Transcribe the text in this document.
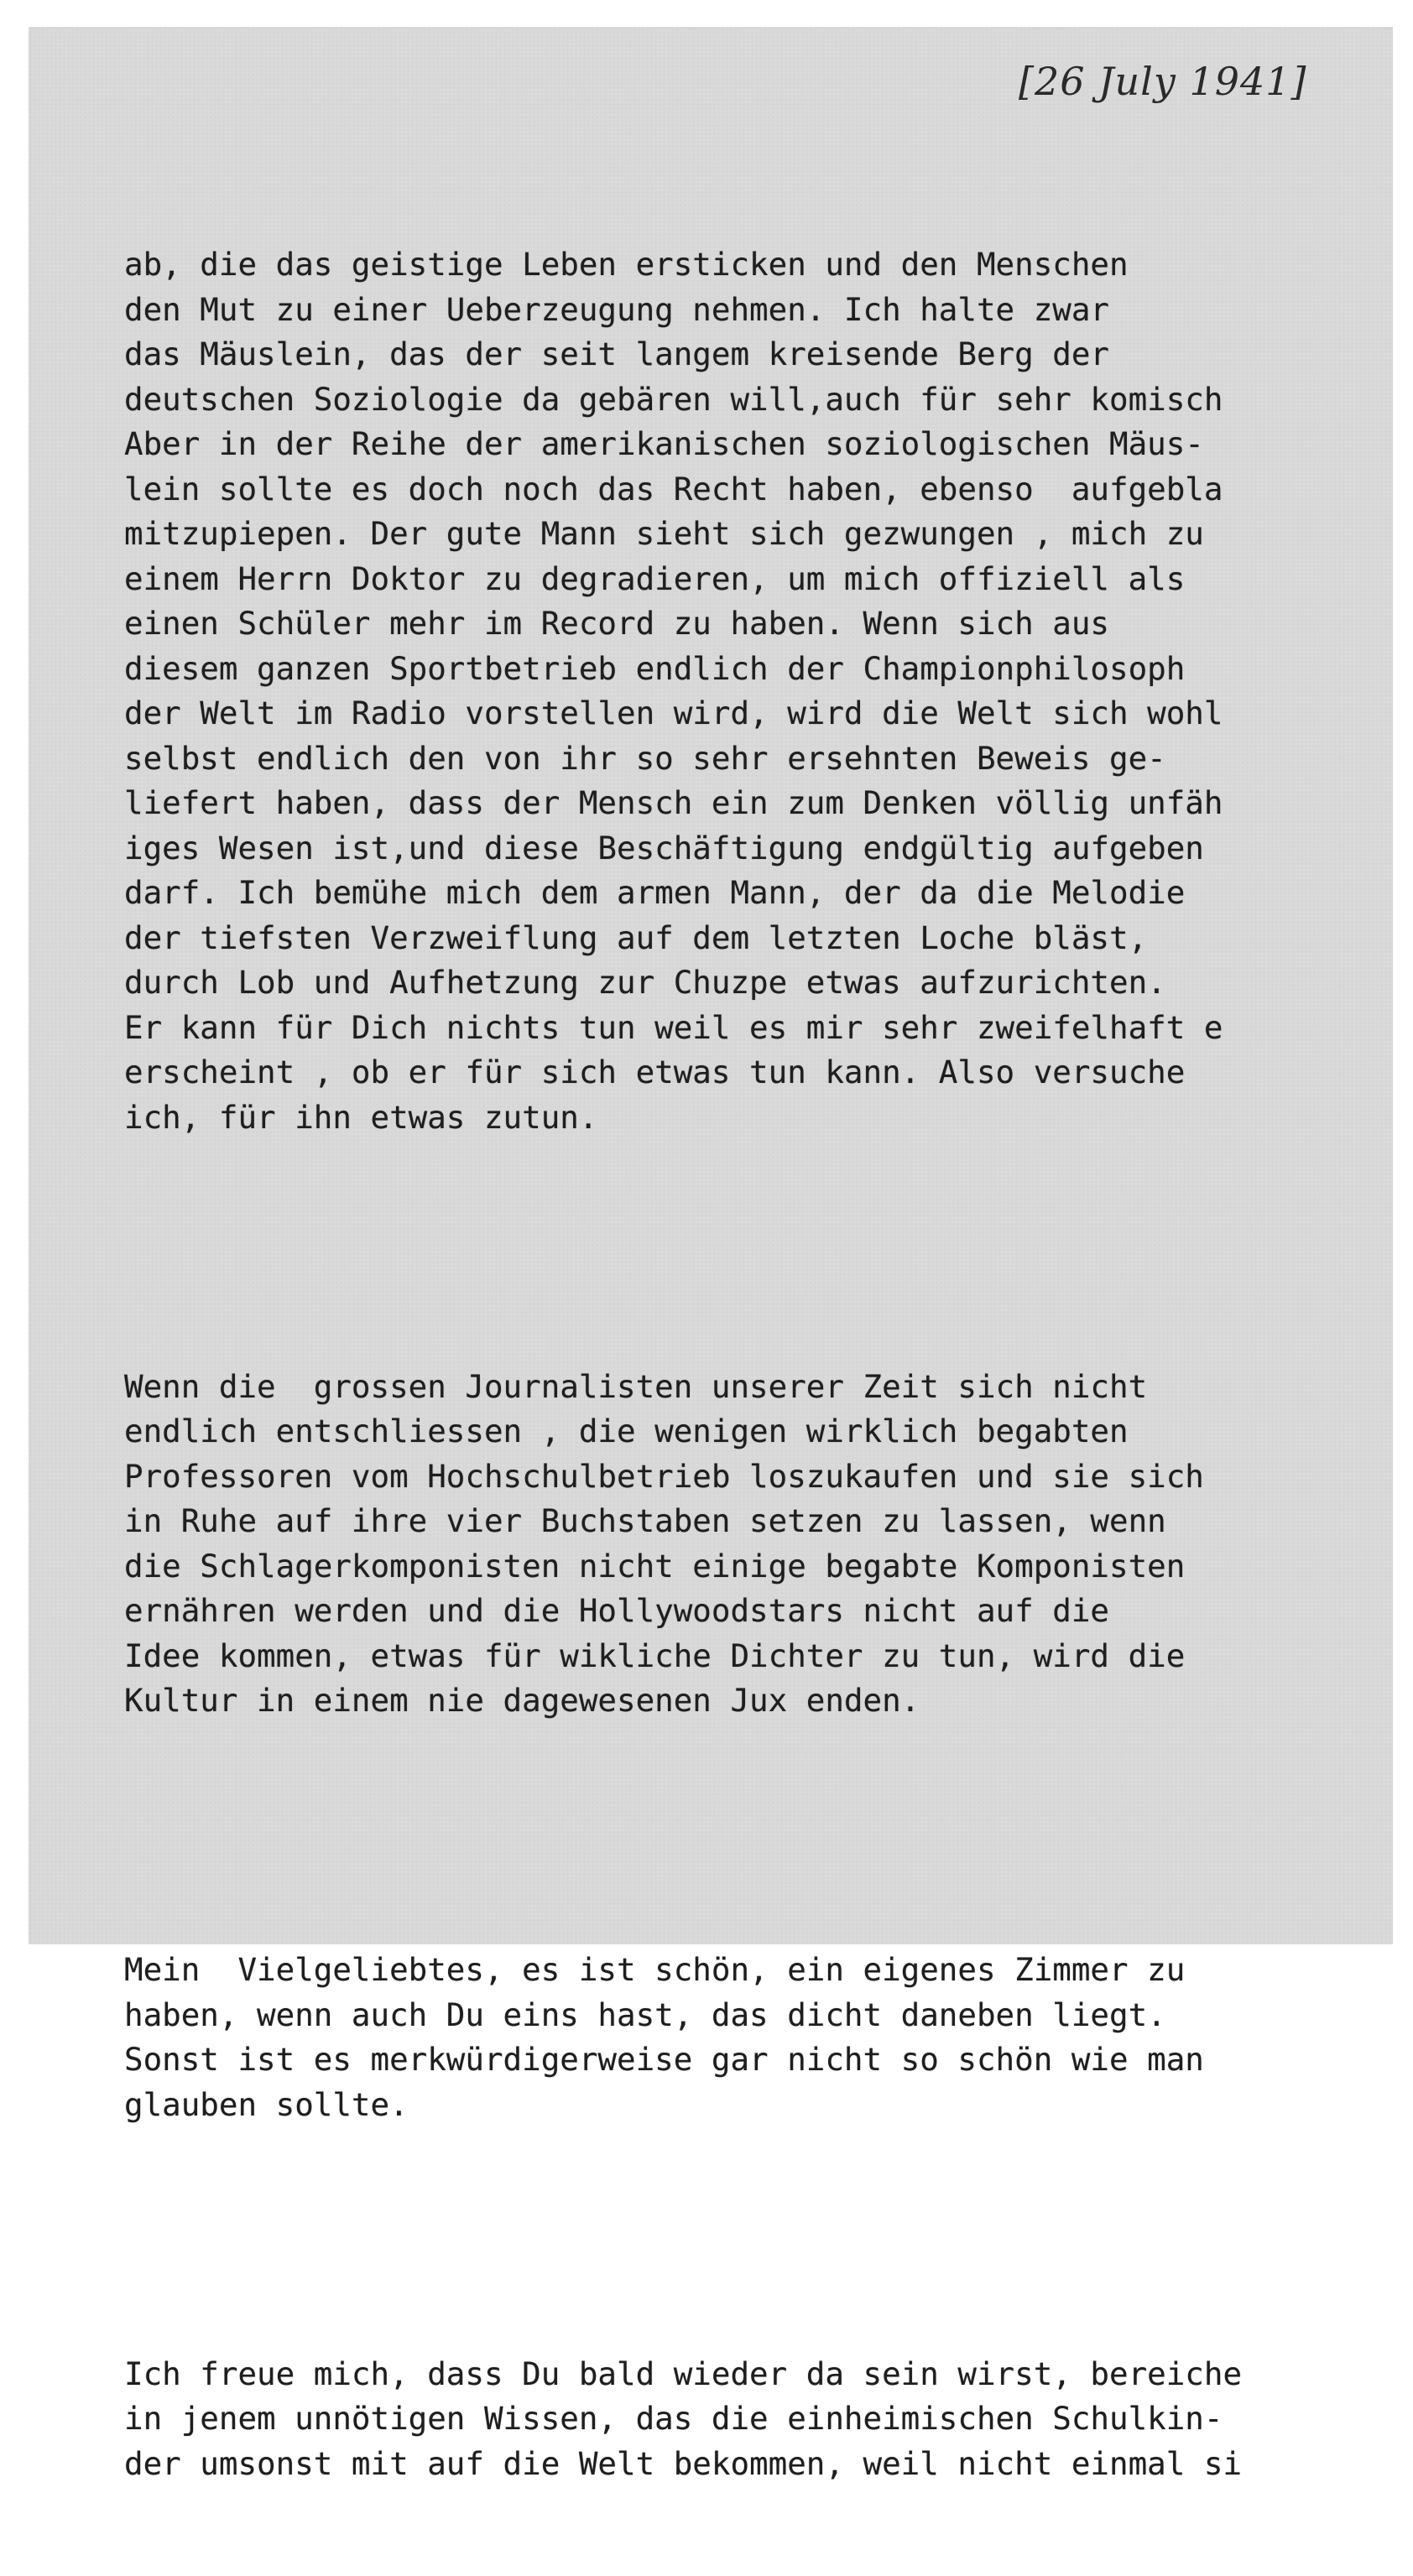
[26 July 1941]

ab, die das geistige Leben ersticken und den Menschen
den Mut zu einer Ueberzeugung nehmen. Ich halte zwar
das Mäuslein, das der seit langem kreisende Berg der
deutschen Soziologie da gebären will,auch für sehr komisch
Aber in der Reihe der amerikanischen soziologischen Mäus-
lein sollte es doch noch das Recht haben, ebenso  aufgebla
mitzupiepen. Der gute Mann sieht sich gezwungen , mich zu
einem Herrn Doktor zu degradieren, um mich offiziell als
einen Schüler mehr im Record zu haben. Wenn sich aus
diesem ganzen Sportbetrieb endlich der Championphilosoph
der Welt im Radio vorstellen wird, wird die Welt sich wohl
selbst endlich den von ihr so sehr ersehnten Beweis ge-
liefert haben, dass der Mensch ein zum Denken völlig unfäh
iges Wesen ist,und diese Beschäftigung endgültig aufgeben
darf. Ich bemühe mich dem armen Mann, der da die Melodie
der tiefsten Verzweiflung auf dem letzten Loche bläst,
durch Lob und Aufhetzung zur Chuzpe etwas aufzurichten.
Er kann für Dich nichts tun weil es mir sehr zweifelhaft e
erscheint , ob er für sich etwas tun kann. Also versuche
ich, für ihn etwas zutun.

Wenn die  grossen Journalisten unserer Zeit sich nicht
endlich entschliessen , die wenigen wirklich begabten
Professoren vom Hochschulbetrieb loszukaufen und sie sich
in Ruhe auf ihre vier Buchstaben setzen zu lassen, wenn
die Schlagerkomponisten nicht einige begabte Komponisten
ernähren werden und die Hollywoodstars nicht auf die
Idee kommen, etwas für wikliche Dichter zu tun, wird die
Kultur in einem nie dagewesenen Jux enden.

Mein  Vielgeliebtes, es ist schön, ein eigenes Zimmer zu
haben, wenn auch Du eins hast, das dicht daneben liegt.
Sonst ist es merkwürdigerweise gar nicht so schön wie man
glauben sollte.

Ich freue mich, dass Du bald wieder da sein wirst, bereiche
in jenem unnötigen Wissen, das die einheimischen Schulkin-
der umsonst mit auf die Welt bekommen, weil nicht einmal si
